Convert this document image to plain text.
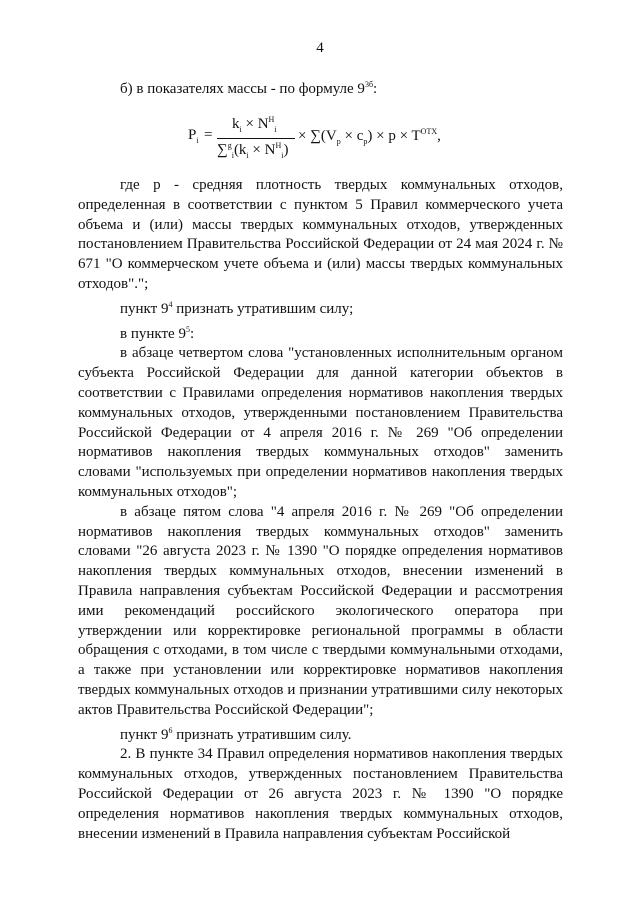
4
б) в показателях массы - по формуле $9^{3б}$:
$P_i$ =
$k_i \times N^Н_i$
$\sum^g_i(k_i \times N^Н_i)$
× $\sum(V_p \times c_p) \times p \times T^{ОТХ}$,

где р - средняя плотность твердых коммунальных отходов, определенная в соответствии с пунктом 5 Правил коммерческого учета объема и (или) массы твердых коммунальных отходов, утвержденных постановлением Правительства Российской Федерации от 24 мая 2024 г. № 671 "О коммерческом учете объема и (или) массы твердых коммунальных отходов".";

пункт $9^4$ признать утратившим силу;

в пункте $9^5$:

в абзаце четвертом слова "установленных исполнительным органом субъекта Российской Федерации для данной категории объектов в соответствии с Правилами определения нормативов накопления твердых коммунальных отходов, утвержденными постановлением Правительства Российской Федерации от 4 апреля 2016 г. № 269 "Об определении нормативов накопления твердых коммунальных отходов" заменить словами "используемых при определении нормативов накопления твердых коммунальных отходов";

в абзаце пятом слова "4 апреля 2016 г. № 269 "Об определении нормативов накопления твердых коммунальных отходов" заменить словами "26 августа 2023 г. № 1390 "О порядке определения нормативов накопления твердых коммунальных отходов, внесении изменений в Правила направления субъектам Российской Федерации и рассмотрения ими рекомендаций российского экологического оператора при утверждении или корректировке региональной программы в области обращения с отходами, в том числе с твердыми коммунальными отходами, а также при установлении или корректировке нормативов накопления твердых коммунальных отходов и признании утратившими силу некоторых актов Правительства Российской Федерации";

пункт $9^6$ признать утратившим силу.

2. В пункте 34 Правил определения нормативов накопления твердых коммунальных отходов, утвержденных постановлением Правительства Российской Федерации от 26 августа 2023 г. № 1390 "О порядке определения нормативов накопления твердых коммунальных отходов, внесении изменений в Правила направления субъектам Российской
